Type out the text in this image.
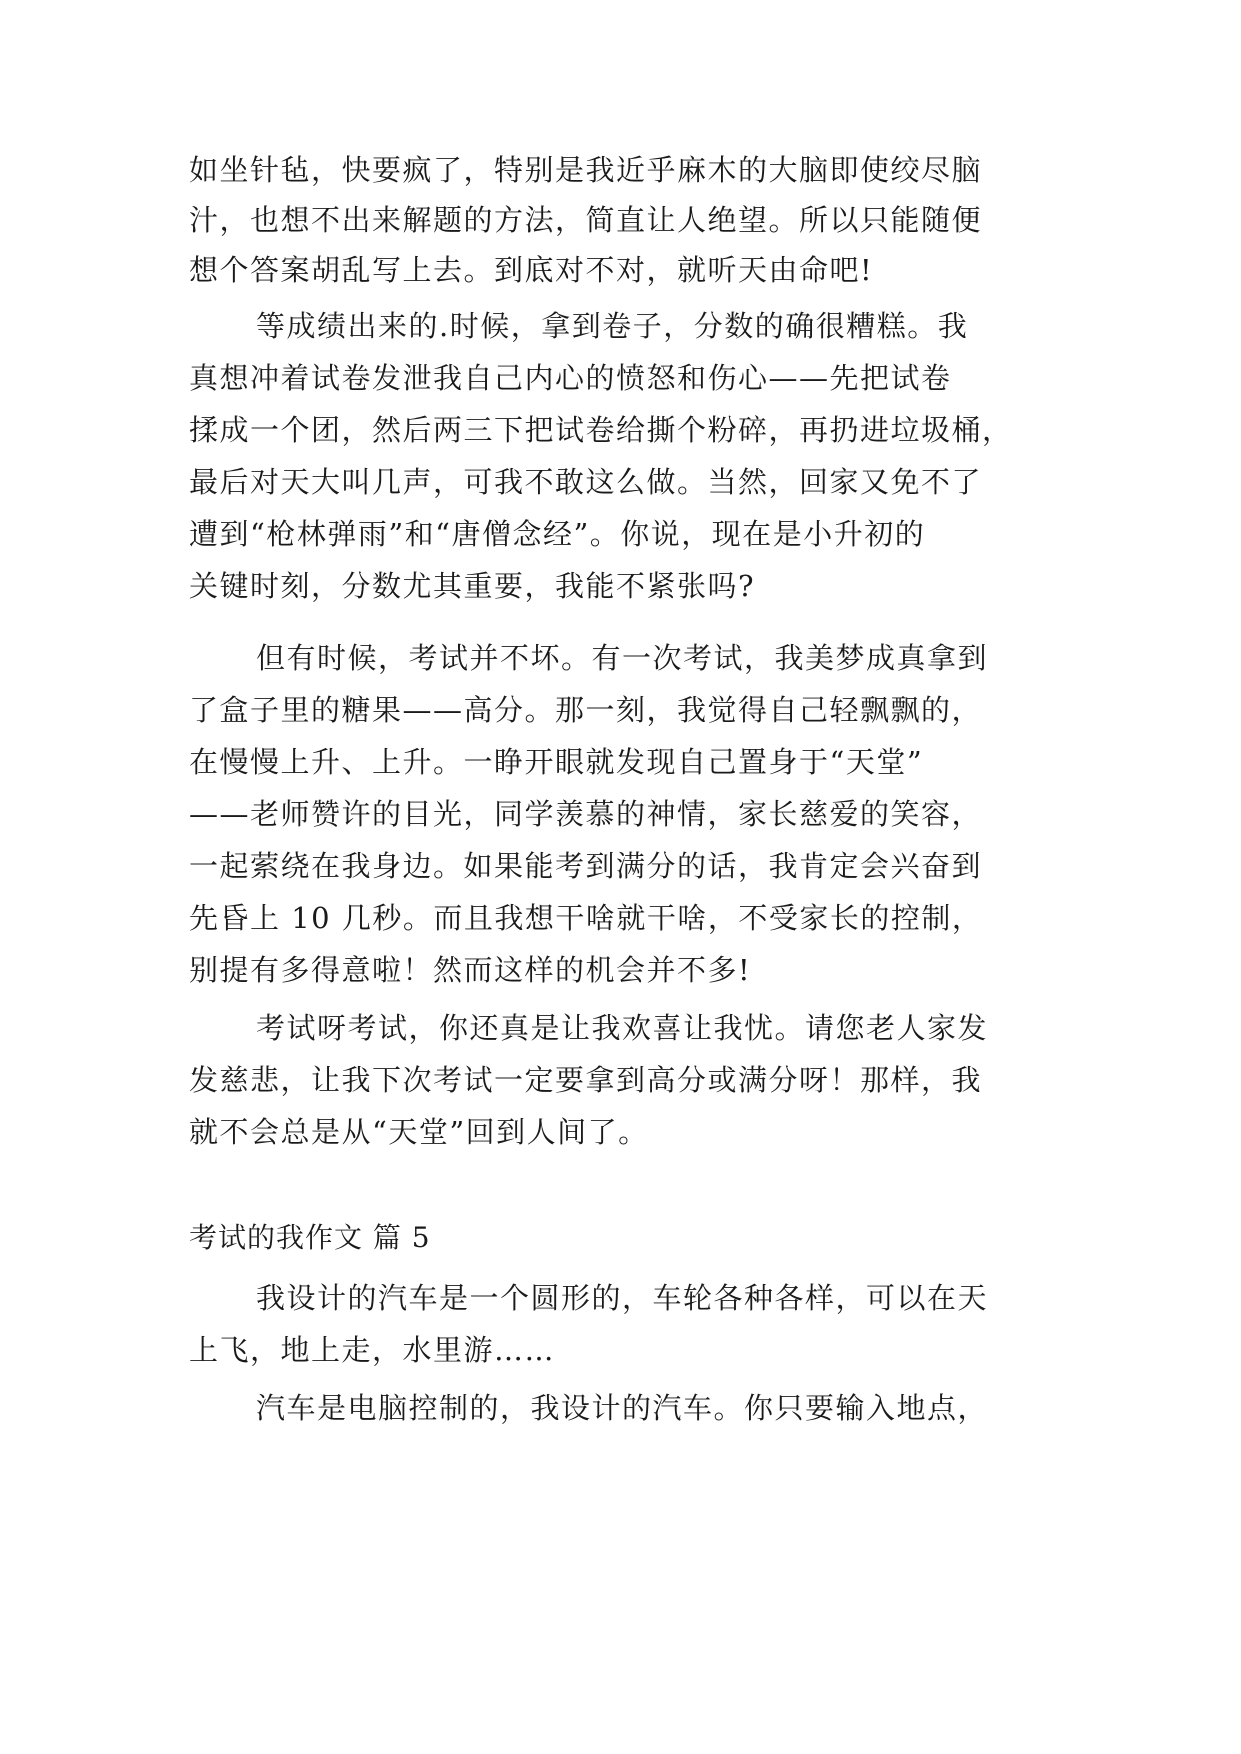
如坐针毡，快要疯了，特别是我近乎麻木的大脑即使绞尽脑
汁，也想不出来解题的方法，简直让人绝望。所以只能随便
想个答案胡乱写上去。到底对不对，就听天由命吧!
等成绩出来的.时候，拿到卷子，分数的确很糟糕。我
真想冲着试卷发泄我自己内心的愤怒和伤心——先把试卷
揉成一个团，然后两三下把试卷给撕个粉碎，再扔进垃圾桶，
最后对天大叫几声，可我不敢这么做。当然，回家又免不了
遭到“枪林弹雨”和“唐僧念经”。你说，现在是小升初的
关键时刻，分数尤其重要，我能不紧张吗?
但有时候，考试并不坏。有一次考试，我美梦成真拿到
了盒子里的糖果——高分。那一刻，我觉得自己轻飘飘的，
在慢慢上升、上升。一睁开眼就发现自己置身于“天堂”
——老师赞许的目光，同学羡慕的神情，家长慈爱的笑容，
一起萦绕在我身边。如果能考到满分的话，我肯定会兴奋到
先昏上 10 几秒。而且我想干啥就干啥，不受家长的控制，
别提有多得意啦！然而这样的机会并不多!
考试呀考试，你还真是让我欢喜让我忧。请您老人家发
发慈悲，让我下次考试一定要拿到高分或满分呀！那样，我
就不会总是从“天堂”回到人间了。
考试的我作文 篇 5
我设计的汽车是一个圆形的，车轮各种各样，可以在天
上飞，地上走，水里游……
汽车是电脑控制的，我设计的汽车。你只要输入地点，
